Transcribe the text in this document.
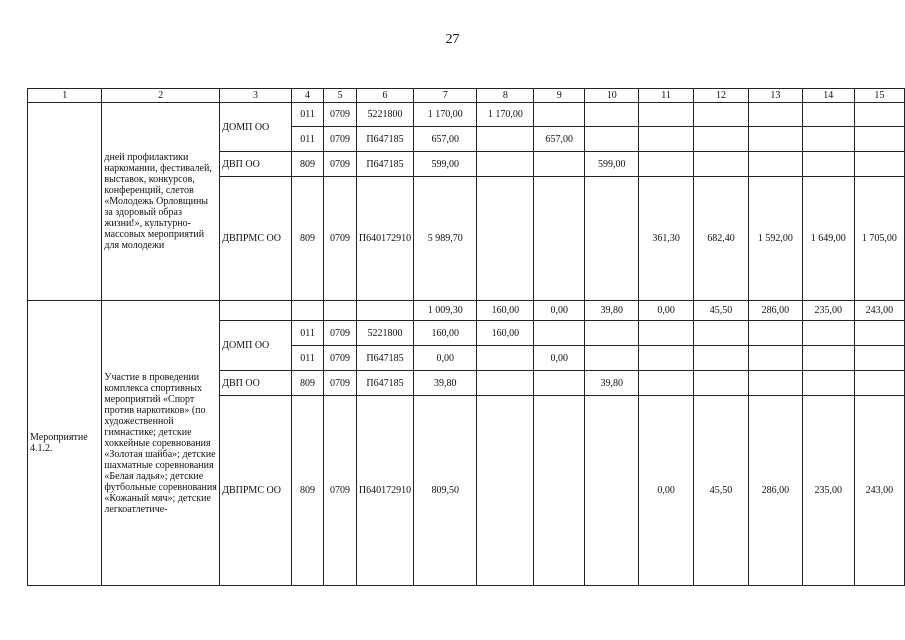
27
1	2	3	4	5	6	7	8	9	10	11	12	13	14	15
	дней профилактики наркомании, фестивалей, выставок, конкурсов, конференций, слетов «Молодежь Орловщины за здоровый образ жизни!», культурно-массовых мероприятий для молодежи	ДОМП ОО	011	0709	5221800	1 170,00	1 170,00							
			011	0709	П647185	657,00		657,00						
		ДВП ОО	809	0709	П647185	599,00			599,00					
		ДВПРМС ОО	809	0709	П640172910	5 989,70				361,30	682,40	1 592,00	1 649,00	1 705,00
Мероприятие 4.1.2.	Участие в проведении комплекса спортивных мероприятий «Спорт против наркотиков» (по художественной гимнастике; детские хоккейные соревнования «Золотая шайба»; детские шахматные соревнования «Белая ладья»; детские футбольные соревнования «Кожаный мяч»; детские легкоатлетиче-					1 009,30	160,00	0,00	39,80	0,00	45,50	286,00	235,00	243,00
		ДОМП ОО	011	0709	5221800	160,00	160,00							
			011	0709	П647185	0,00		0,00						
		ДВП ОО	809	0709	П647185	39,80			39,80					
		ДВПРМС ОО	809	0709	П640172910	809,50				0,00	45,50	286,00	235,00	243,00
